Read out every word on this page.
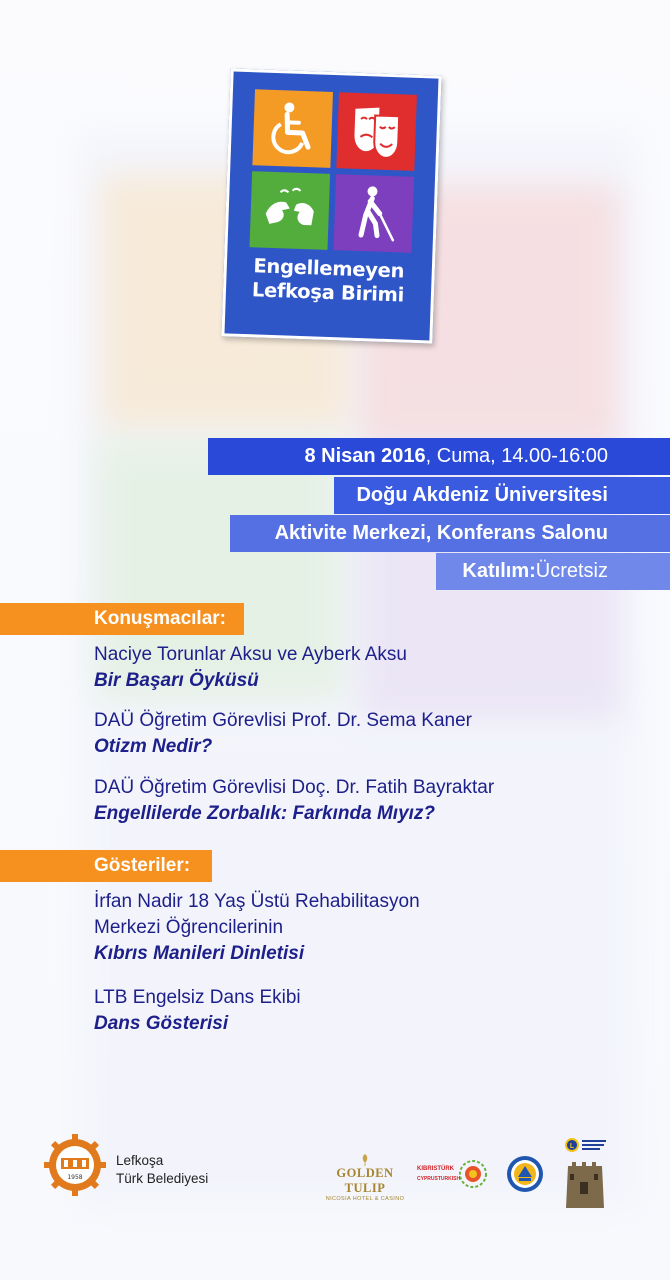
Engellemeyen
Lefkoşa Birimi
8 Nisan 2016 , Cuma, 14.00-16:00
Doğu Akdeniz Üniversitesi
Aktivite Merkezi, Konferans Salonu
Katılım: Ücretsiz
Konuşmacılar:
Naciye Torunlar Aksu ve Ayberk Aksu
Bir Başarı Öyküsü
DAÜ Öğretim Görevlisi Prof. Dr. Sema Kaner
Otizm Nedir?
DAÜ Öğretim Görevlisi Doç. Dr. Fatih Bayraktar
Engellilerde Zorbalık: Farkında Mıyız?
Gösteriler:
İrfan Nadir 18 Yaş Üstü Rehabilitasyon
Merkezi Öğrencilerinin
Kıbrıs Manileri Dinletisi
LTB Engelsiz Dans Ekibi
Dans Gösterisi
1958
Lefkoşa
Türk Belediyesi	GOLDEN TULIP
NICOSIA HOTEL & CASINO
KIBRISTÜRK
CYPRUSTURKISH
L
